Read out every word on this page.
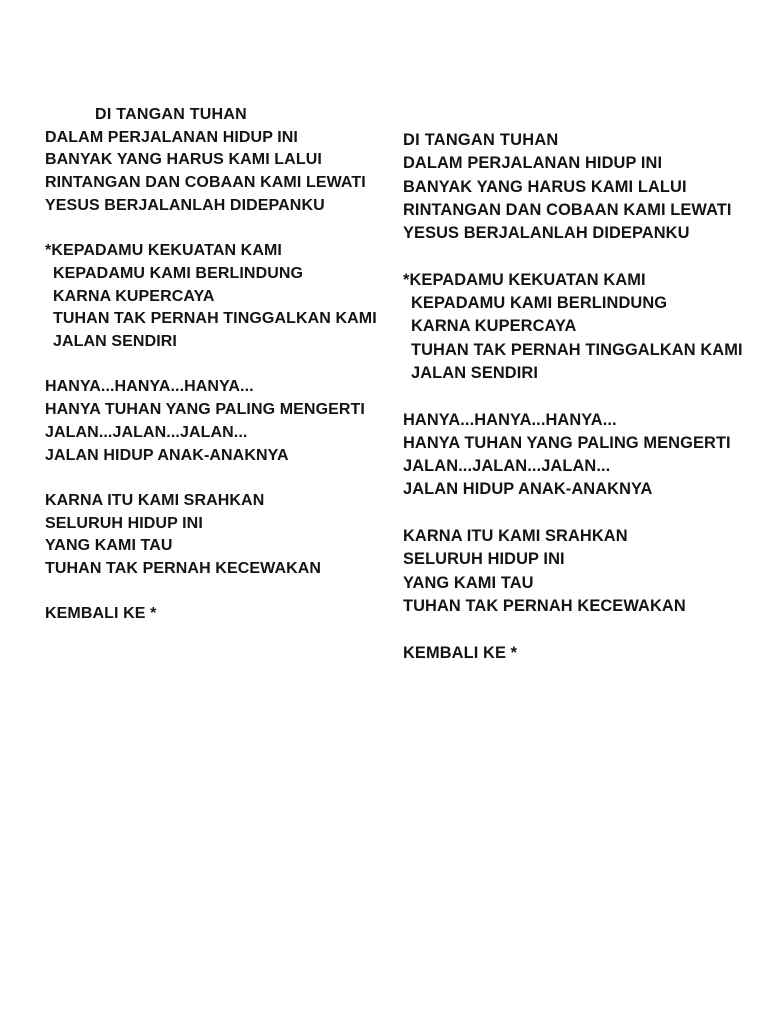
DI TANGAN TUHAN

DALAM PERJALANAN HIDUP INI
BANYAK YANG HARUS KAMI LALUI
RINTANGAN DAN COBAAN KAMI LEWATI
YESUS BERJALANLAH DIDEPANKU

*KEPADAMU KEKUATAN KAMI
KEPADAMU KAMI BERLINDUNG
KARNA KUPERCAYA
TUHAN TAK PERNAH TINGGALKAN KAMI
JALAN SENDIRI

HANYA...HANYA...HANYA...
HANYA TUHAN YANG PALING MENGERTI
JALAN...JALAN...JALAN...
JALAN HIDUP ANAK-ANAKNYA

KARNA ITU KAMI SRAHKAN
SELURUH HIDUP INI
YANG KAMI TAU
TUHAN TAK PERNAH KECEWAKAN

KEMBALI KE *

DI TANGAN TUHAN

DALAM PERJALANAN HIDUP INI
BANYAK YANG HARUS KAMI LALUI
RINTANGAN DAN COBAAN KAMI LEWATI
YESUS BERJALANLAH DIDEPANKU

*KEPADAMU KEKUATAN KAMI
KEPADAMU KAMI BERLINDUNG
KARNA KUPERCAYA
TUHAN TAK PERNAH TINGGALKAN KAMI
JALAN SENDIRI

HANYA...HANYA...HANYA...
HANYA TUHAN YANG PALING MENGERTI
JALAN...JALAN...JALAN...
JALAN HIDUP ANAK-ANAKNYA

KARNA ITU KAMI SRAHKAN
SELURUH HIDUP INI
YANG KAMI TAU
TUHAN TAK PERNAH KECEWAKAN

KEMBALI KE *
